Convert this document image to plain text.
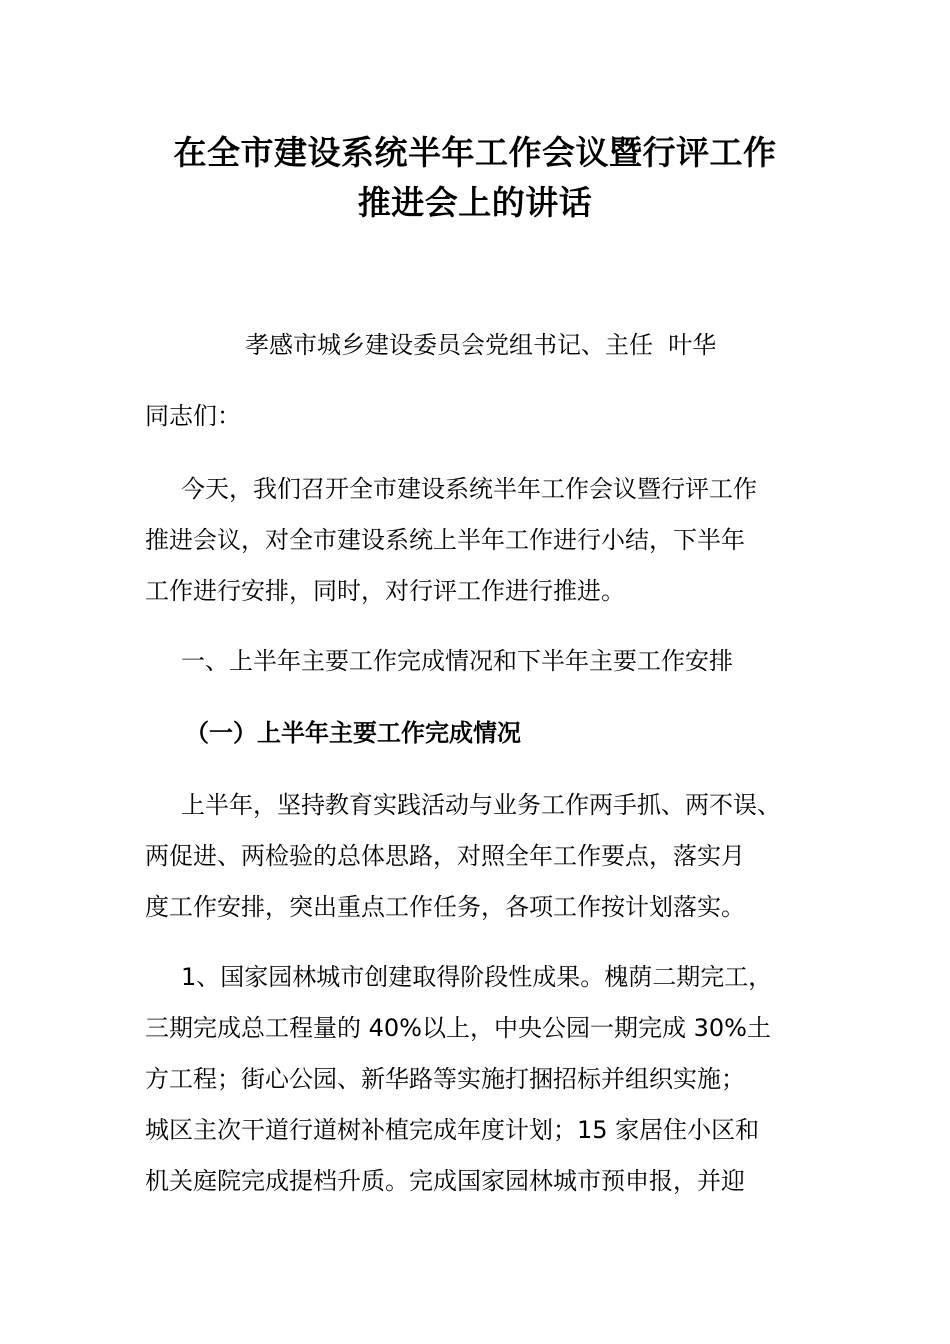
在全市建设系统半年工作会议暨行评工作
推进会上的讲话
孝感市城乡建设委员会党组书记、主任  叶华
同志们：
今天，我们召开全市建设系统半年工作会议暨行评工作
推进会议，对全市建设系统上半年工作进行小结，下半年
工作进行安排，同时，对行评工作进行推进。
一、上半年主要工作完成情况和下半年主要工作安排
（一）上半年主要工作完成情况
上半年，坚持教育实践活动与业务工作两手抓、两不误、
两促进、两检验的总体思路，对照全年工作要点，落实月
度工作安排，突出重点工作任务，各项工作按计划落实。
1、国家园林城市创建取得阶段性成果。槐荫二期完工，
三期完成总工程量的 40%以上，中央公园一期完成 30%土
方工程；街心公园、新华路等实施打捆招标并组织实施；
城区主次干道行道树补植完成年度计划；15 家居住小区和
机关庭院完成提档升质。完成国家园林城市预申报，并迎
